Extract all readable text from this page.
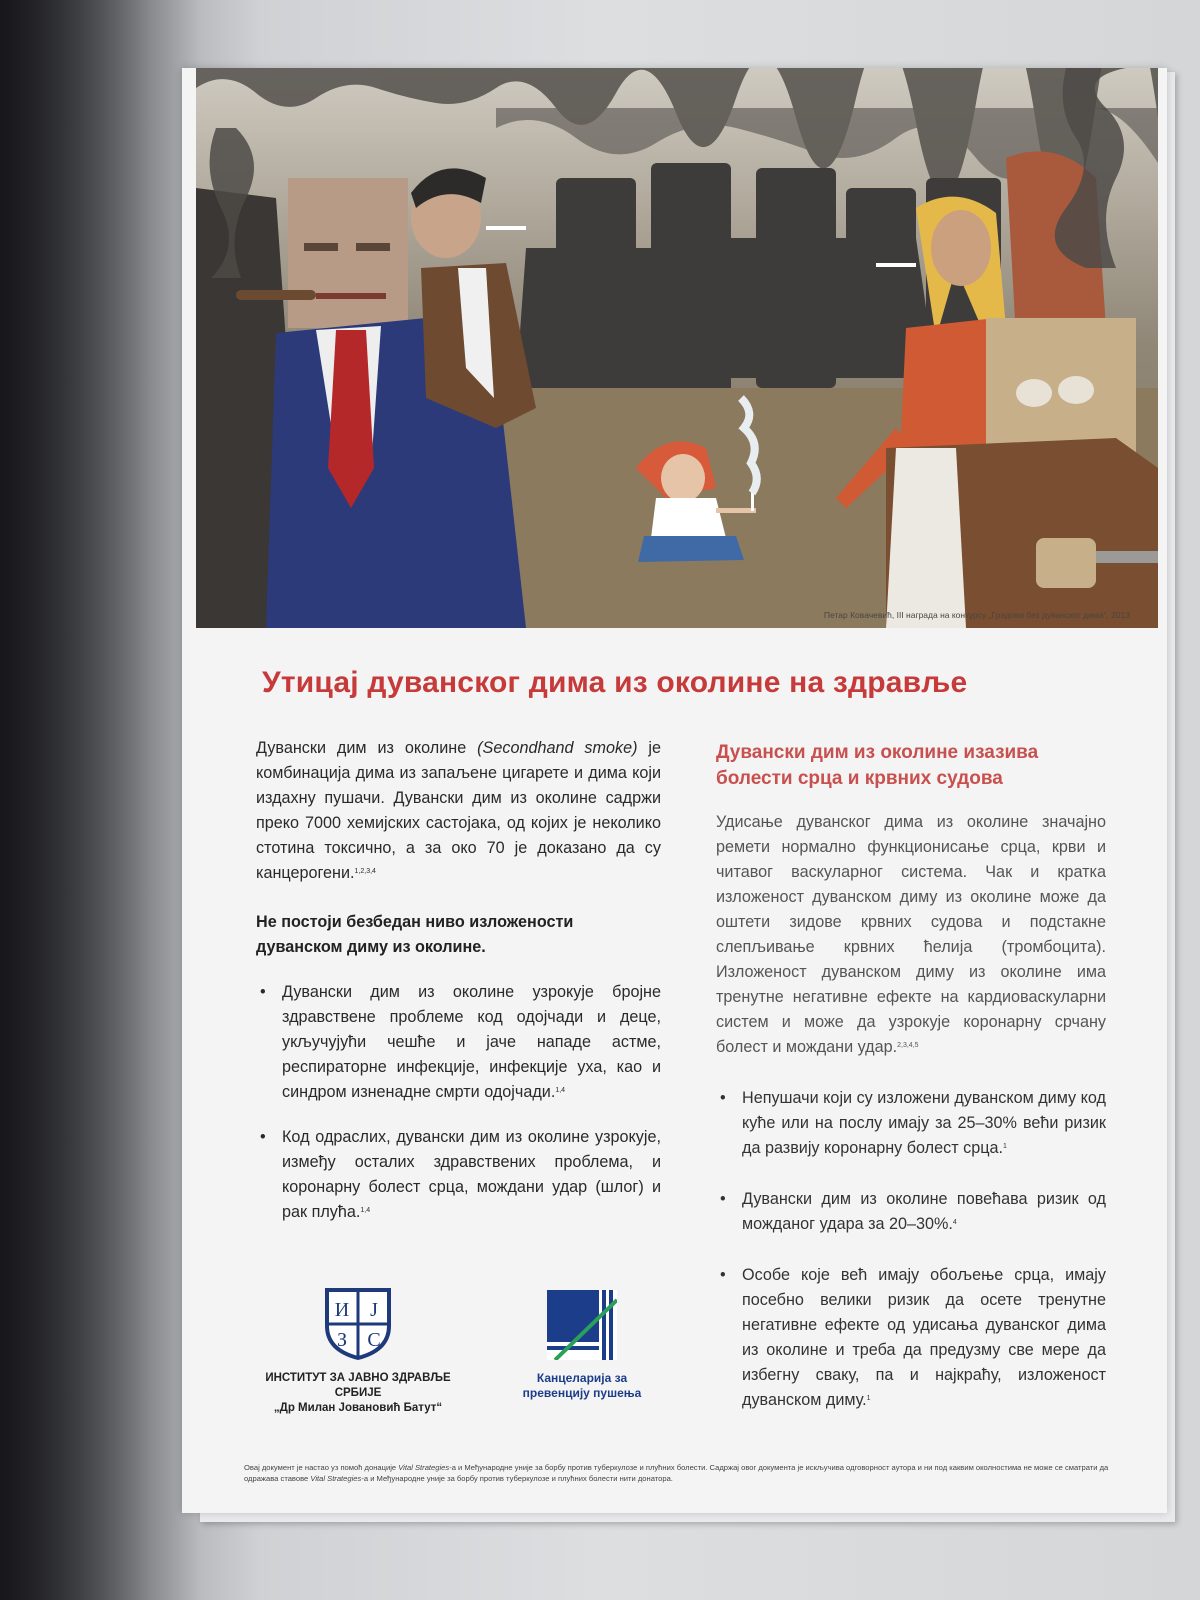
Петар Ковачевић, III награда на конкурсу „Градови без дуванског дима“, 2013
Утицај дуванског дима из околине на здравље

Дувански дим из околине (Secondhand smoke) је комбинација дима из запаљене цигарете и дима који издахну пушачи. Дувански дим из околине садржи преко 7000 хемијских састојака, од којих је неколико стотина токсично, а за око 70 је доказано да су канцерогени.$^{1,2,3,4}$

Не постоји безбедан ниво изложености дуванском диму из околине.

• Дувански дим из околине узрокује бројне здравствене проблеме код одојчади и деце, укључујући чешће и јаче нападе астме, респираторне инфекције, инфекције уха, као и синдром изненадне смрти одојчади.$^{1,4}$
• Код одраслих, дувански дим из околине узрокује, између осталих здравствених проблема, и коронарну болест срца, мождани удар (шлог) и рак плућа.$^{1,4}$
Дувански дим из околине изазива болести срца и крвних судова

Удисање дуванског дима из околине значајно ремети нормално функционисање срца, крви и читавог васкуларног система. Чак и кратка изложеност дуванском диму из околине може да оштети зидове крвних судова и подстакне слепљивање крвних ћелија (тромбоцита). Изложеност дуванском диму из околине има тренутне негативне ефекте на кардиоваскуларни систем и може да узрокује коронарну срчану болест и мождани удар.$^{2,3,4,5}$

• Непушачи који су изложени дуванском диму код куће или на послу имају за 25–30% већи ризик да развију коронарну болест срца.$^1$
• Дувански дим из околине повећава ризик од можданог удара за 20–30%.$^4$
• Особе које већ имају обољење срца, имају посебно велики ризик да осете тренутне негативне ефекте од удисања дуванског дима из околине и треба да предузму све мере да избегну сваку, па и најкраћу, изложеност дуванском диму.$^1$
И Ј
З С
ИНСТИТУТ ЗА ЈАВНО ЗДРАВЉЕ СРБИЈЕ
„Др Милан Јовановић Батут“
Канцеларија за
превенцију пушења
Овај документ је настао уз помоћ донације Vital Strategies-а и Међународне уније за борбу против туберкулозе и плућних болести. Садржај овог документа је искључива одговорност аутора и ни под каквим околностима не може се сматрати да одражава ставове Vital Strategies-а и Међународне уније за борбу против туберкулозе и плућних болести нити донатора.
